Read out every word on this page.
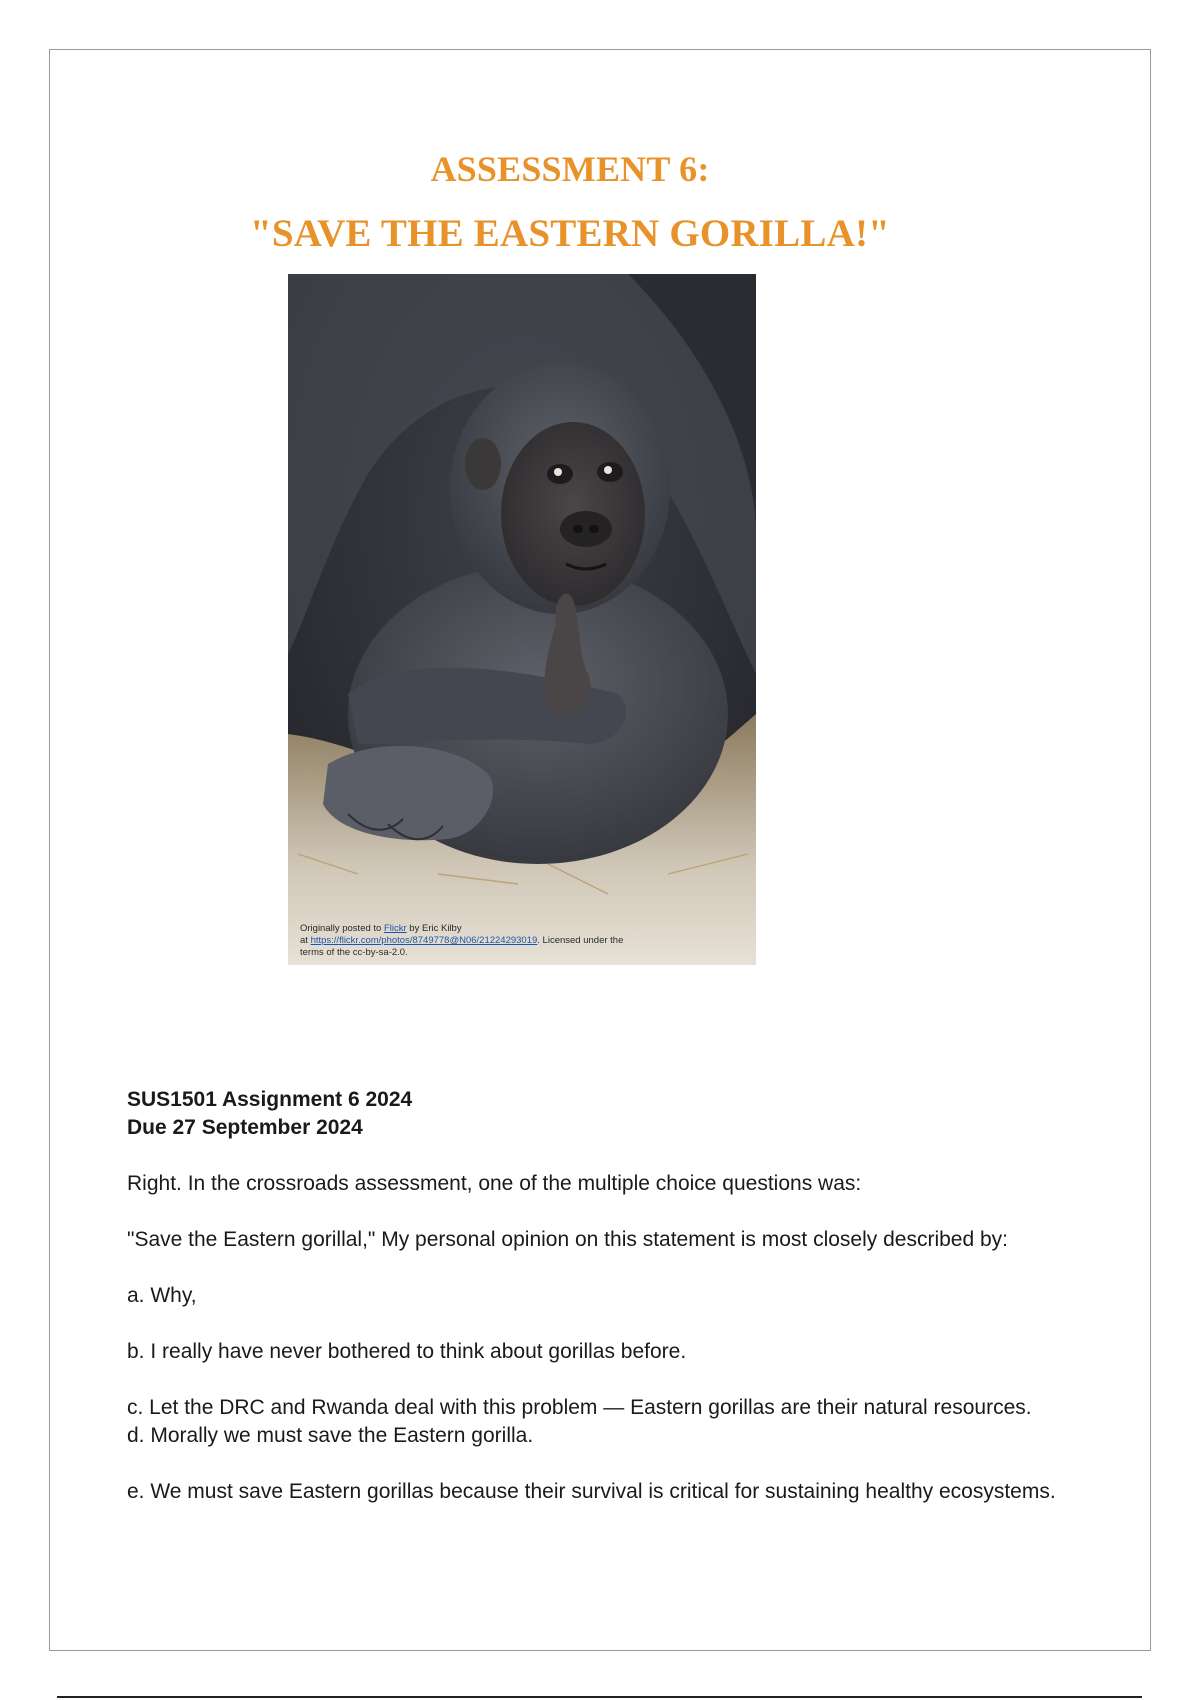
ASSESSMENT 6:
"SAVE THE EASTERN GORILLA!"
Originally posted to Flickr by Eric Kilby
at https://flickr.com/photos/8749778@N06/21224293019. Licensed under the
terms of the cc-by-sa-2.0.

SUS1501 Assignment 6 2024

Due 27 September 2024

Right. In the crossroads assessment, one of the multiple choice questions was:

"Save the Eastern gorillal," My personal opinion on this statement is most closely described by:

a. Why,

b. I really have never bothered to think about gorillas before.

c. Let the DRC and Rwanda deal with this problem — Eastern gorillas are their natural resources.

d. Morally we must save the Eastern gorilla.

e. We must save Eastern gorillas because their survival is critical for sustaining healthy ecosystems.
